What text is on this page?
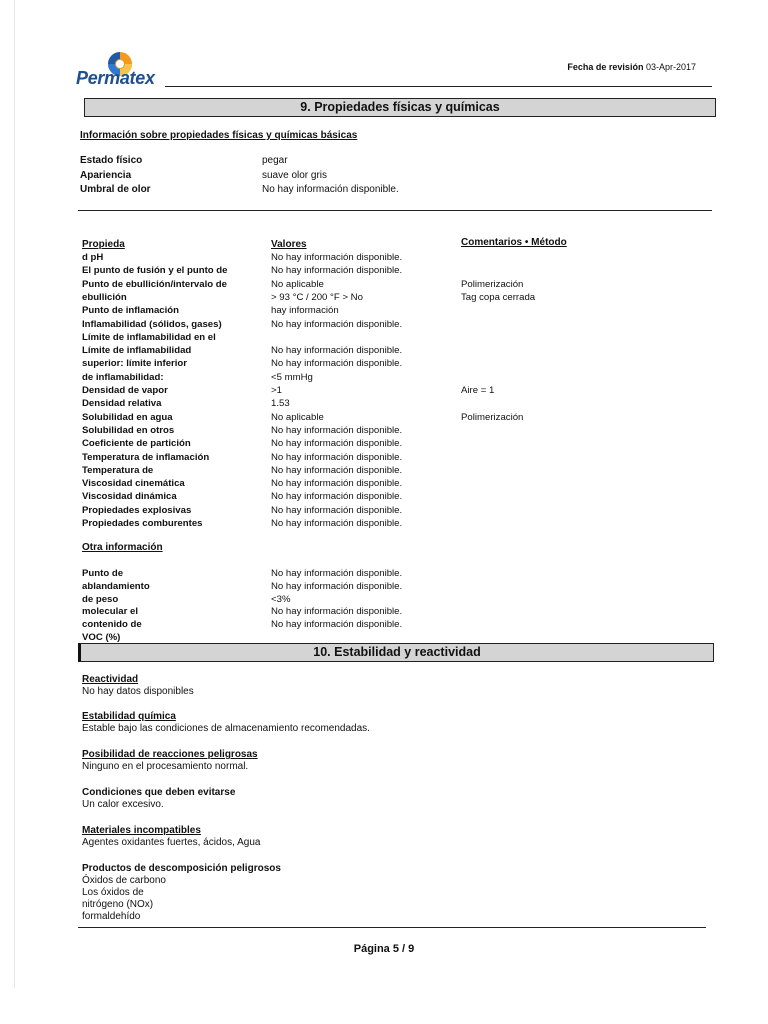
Permatex
Fecha de revisión 03-Apr-2017
9. Propiedades físicas y químicas
Información sobre propiedades físicas y químicas básicas
Estado físico	pegar
Apariencia	suave olor gris
Umbral de olor	No hay información disponible.
Propieda	Valores	Comentarios • Método
d pH	No hay información disponible.
El punto de fusión y el punto de	No hay información disponible.
Punto de ebullición/intervalo de	No aplicable	Polimerización
ebullición	> 93 °C / 200 °F > No	Tag copa cerrada
Punto de inflamación	hay información
Inflamabilidad (sólidos, gases)	No hay información disponible.
Límite de inflamabilidad en el
Límite de inflamabilidad	No hay información disponible.
superior: límite inferior	No hay información disponible.
de inflamabilidad:	<5 mmHg
Densidad de vapor	>1	Aire = 1
Densidad relativa	1.53
Solubilidad en agua	No aplicable	Polimerización
Solubilidad en otros	No hay información disponible.
Coeficiente de partición	No hay información disponible.
Temperatura de inflamación	No hay información disponible.
Temperatura de	No hay información disponible.
Viscosidad cinemática	No hay información disponible.
Viscosidad dinámica	No hay información disponible.
Propiedades explosivas	No hay información disponible.
Propiedades comburentes	No hay información disponible.
Otra información
Punto de	No hay información disponible.
ablandamiento	No hay información disponible.
de peso	<3%
molecular el	No hay información disponible.
contenido de	No hay información disponible.
VOC (%)
10. Estabilidad y reactividad
Reactividad
No hay datos disponibles
Estabilidad química
Estable bajo las condiciones de almacenamiento recomendadas.
Posibilidad de reacciones peligrosas
Ninguno en el procesamiento normal.
Condiciones que deben evitarse
Un calor excesivo.
Materiales incompatibles
Agentes oxidantes fuertes, ácidos, Agua
Productos de descomposición peligrosos
Óxidos de carbono
Los óxidos de
nitrógeno (NOx)
formaldehído
Página 5 / 9
